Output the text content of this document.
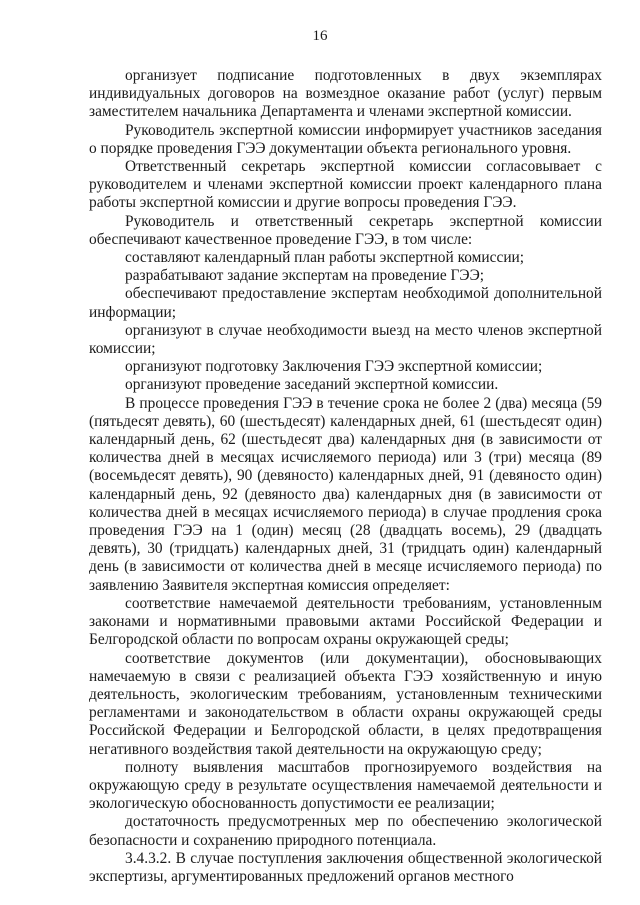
16

организует подписание подготовленных в двух экземплярах индивидуальных договоров на возмездное оказание работ (услуг) первым заместителем начальника Департамента и членами экспертной комиссии.

Руководитель экспертной комиссии информирует участников заседания о порядке проведения ГЭЭ документации объекта регионального уровня.

Ответственный секретарь экспертной комиссии согласовывает с руководителем и членами экспертной комиссии проект календарного плана работы экспертной комиссии и другие вопросы проведения ГЭЭ.

Руководитель и ответственный секретарь экспертной комиссии обеспечивают качественное проведение ГЭЭ, в том числе:

составляют календарный план работы экспертной комиссии;

разрабатывают задание экспертам на проведение ГЭЭ;

обеспечивают предоставление экспертам необходимой дополнительной информации;

организуют в случае необходимости выезд на место членов экспертной комиссии;

организуют подготовку Заключения ГЭЭ экспертной комиссии;

организуют проведение заседаний экспертной комиссии.

В процессе проведения ГЭЭ в течение срока не более 2 (два) месяца (59 (пятьдесят девять), 60 (шестьдесят) календарных дней, 61 (шестьдесят один) календарный день, 62 (шестьдесят два) календарных дня (в зависимости от количества дней в месяцах исчисляемого периода) или 3 (три) месяца (89 (восемьдесят девять), 90 (девяносто) календарных дней, 91 (девяносто один) календарный день, 92 (девяносто два) календарных дня (в зависимости от количества дней в месяцах исчисляемого периода) в случае продления срока проведения ГЭЭ на 1 (один) месяц (28 (двадцать восемь), 29 (двадцать девять), 30 (тридцать) календарных дней, 31 (тридцать один) календарный день (в зависимости от количества дней в месяце исчисляемого периода) по заявлению Заявителя экспертная комиссия определяет:

соответствие намечаемой деятельности требованиям, установленным законами и нормативными правовыми актами Российской Федерации и Белгородской области по вопросам охраны окружающей среды;

соответствие документов (или документации), обосновывающих намечаемую в связи с реализацией объекта ГЭЭ хозяйственную и иную деятельность, экологическим требованиям, установленным техническими регламентами и законодательством в области охраны окружающей среды Российской Федерации и Белгородской области, в целях предотвращения негативного воздействия такой деятельности на окружающую среду;

полноту выявления масштабов прогнозируемого воздействия на окружающую среду в результате осуществления намечаемой деятельности и экологическую обоснованность допустимости ее реализации;

достаточность предусмотренных мер по обеспечению экологической безопасности и сохранению природного потенциала.

3.4.3.2. В случае поступления заключения общественной экологической экспертизы, аргументированных предложений органов местного
